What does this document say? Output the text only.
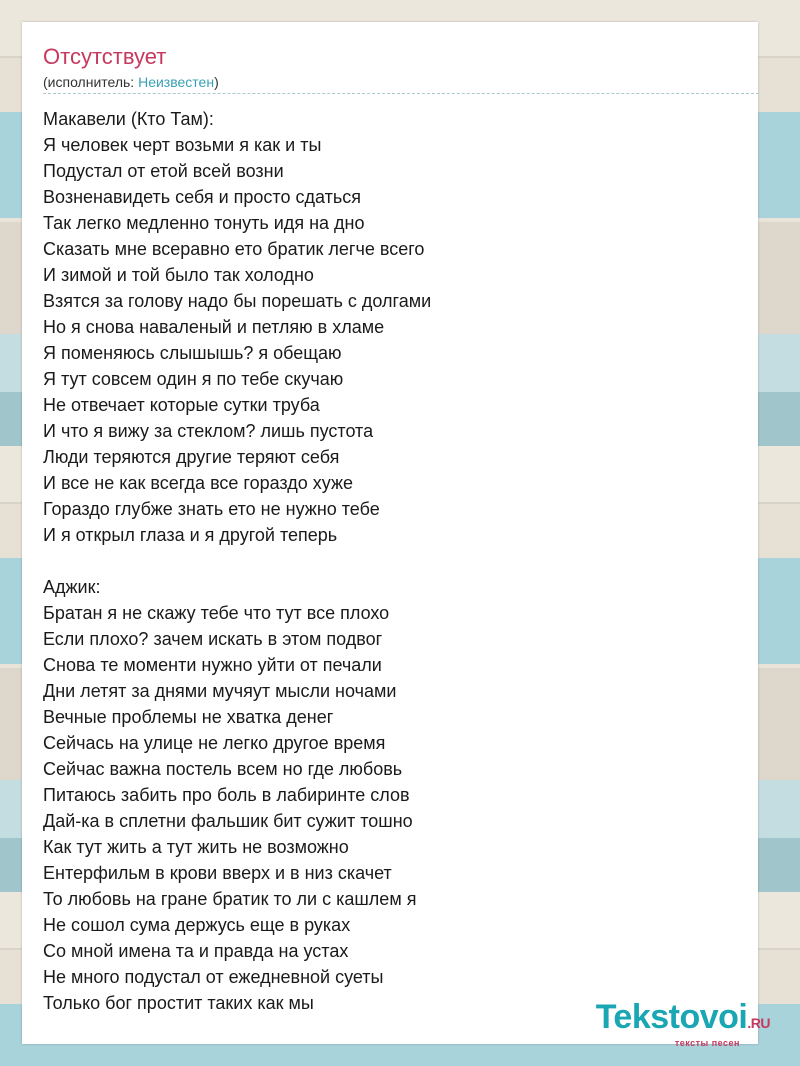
Отсутствует
(исполнитель: Неизвестен)
Макавели (Кто Там):
Я человек черт возьми я как и ты
Подустал от етой всей возни
Возненавидеть себя и просто сдаться
Так легко медленно тонуть идя на дно
Сказать мне всеравно ето братик легче всего
И зимой и той было так холодно
Взятся за голову надо бы порешать с долгами
Но я снова наваленый и петляю в хламе
Я поменяюсь слышышь? я обещаю
Я тут совсем один я по тебе скучаю
Не отвечает которые сутки труба
И что я вижу за стеклом? лишь пустота
Люди теряются другие теряют себя
И все не как всегда все гораздо хуже
Гораздо глубже знать ето не нужно тебе
И я открыл глаза и я другой теперь
Аджик:
Братан я не скажу тебе что тут все плохо
Если плохо? зачем искать в этом подвог
Снова те моменти нужно уйти от печали
Дни летят за днями мучяут мысли ночами
Вечные проблемы не хватка денег
Сейчась на улице не легко другое время
Сейчас важна постель всем но где любовь
Питаюсь забить про боль в лабиринте слов
Дай-ка в сплетни фальшик бит сужит тошно
Как тут жить а тут жить не возможно
Ентерфильм в крови вверх и в низ скачет
То любовь на гране братик то ли с кашлем я
Не сошол сума держусь еще в руках
Со мной имена та и правда на устах
Не много подустал от ежедневной суеты
Только бог простит таких как мы	Tekstovoi.RU
тексты песен
